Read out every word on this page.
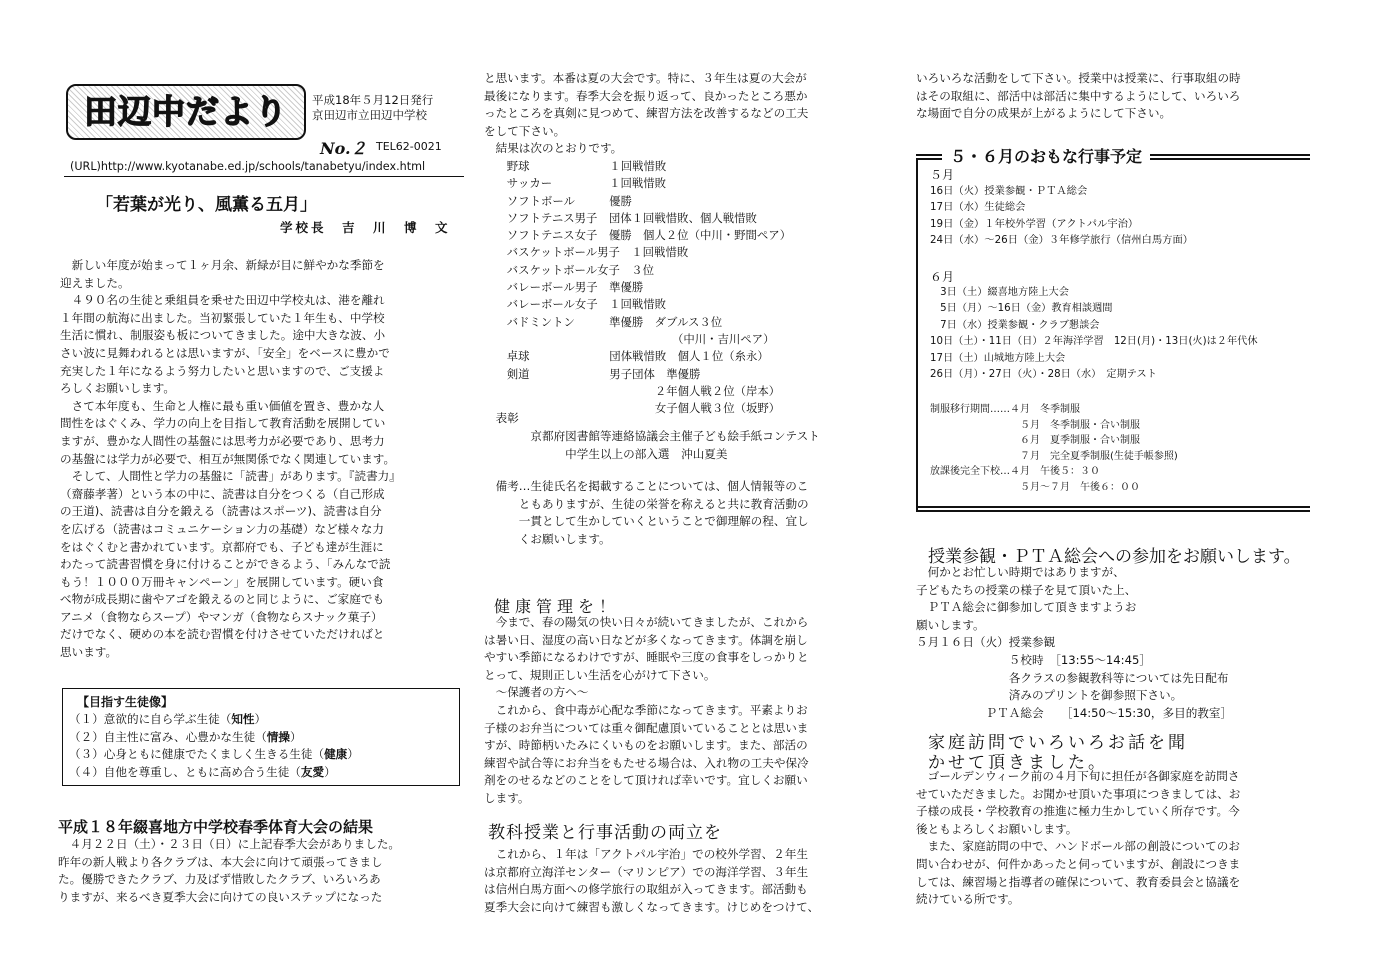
田辺中だより	平成18年５月12日発行
京田辺市立田辺中学校
No.２ TEL62-0021
(URL)http://www.kyotanabe.ed.jp/schools/tanabetyu/index.html
「若葉が光り、風薫る五月」
学校長　吉　川　博　文

　新しい年度が始まって１ヶ月余、新緑が目に鮮やかな季節を
迎えました。
　４９０名の生徒と乗組員を乗せた田辺中学校丸は、港を離れ
１年間の航海に出ました。当初緊張していた１年生も、中学校
生活に慣れ、制服姿も板についてきました。途中大きな波、小
さい波に見舞われるとは思いますが、「安全」をベースに豊かで
充実した１年になるよう努力したいと思いますので、ご支援よ
ろしくお願いします。
　さて本年度も、生命と人権に最も重い価値を置き、豊かな人
間性をはぐくみ、学力の向上を目指して教育活動を展開してい
ますが、豊かな人間性の基盤には思考力が必要であり、思考力
の基盤には学力が必要で、相互が無関係でなく関連しています。
　そして、人間性と学力の基盤に「読書」があります。『読書力』
（齋藤孝著）という本の中に、読書は自分をつくる（自己形成
の王道)、読書は自分を鍛える（読書はスポーツ)、読書は自分
を広げる（読書はコミュニケーション力の基礎）など様々な力
をはぐくむと書かれています。京都府でも、子ども達が生涯に
わたって読書習慣を身に付けることができるよう、「みんなで読
もう！１０００万冊キャンペーン」を展開しています。硬い食
べ物が成長期に歯やアゴを鍛えるのと同じように、ご家庭でも
アニメ（食物ならスープ）やマンガ（食物ならスナック菓子）
だけでなく、硬めの本を読む習慣を付けさせていただければと
思います。

【目指す生徒像】
（１）意欲的に自ら学ぶ生徒（知性）
（２）自主性に富み、心豊かな生徒（情操）
（３）心身ともに健康でたくましく生きる生徒（健康）
（４）自他を尊重し、ともに高め合う生徒（友愛）
平成１８年綴喜地方中学校春季体育大会の結果

　４月２２日（土）・２３日（日）に上記春季大会がありました。
昨年の新人戦より各クラブは、本大会に向けて頑張ってきまし
た。優勝できたクラブ、力及ばず惜敗したクラブ、いろいろあ
りますが、来るべき夏季大会に向けての良いステップになった

と思います。本番は夏の大会です。特に、３年生は夏の大会が
最後になります。春季大会を振り返って、良かったところ悪か
ったところを真剣に見つめて、練習方法を改善するなどの工夫
をして下さい。
　結果は次のとおりです。

　　野球　　　　　　　１回戦惜敗
　　サッカー　　　　　１回戦惜敗
　　ソフトボール　　　優勝
　　ソフトテニス男子　団体１回戦惜敗、個人戦惜敗
　　ソフトテニス女子　優勝　個人２位（中川・野間ペア）
　　バスケットボール男子　１回戦惜敗
　　バスケットボール女子　３位
　　バレーボール男子　準優勝
　　バレーボール女子　１回戦惜敗
　　バドミントン　　　準優勝　ダブルス３位
　　　　　　　　　　　　　　　　　（中川・吉川ペア）
　　卓球　　　　　　　団体戦惜敗　個人１位（糸永）
　　剣道　　　　　　　男子団体　準優勝
　　　　　　　　　　　　　　　２年個人戦２位（岸本）
　　　　　　　　　　　　　　　女子個人戦３位（坂野）

　表彰

　　　　京都府図書館等連絡協議会主催子ども絵手紙コンテスト
　　　　　　　中学生以上の部入選　沖山夏美

　備考…生徒氏名を掲載することについては、個人情報等のこ
　　　ともありますが、生徒の栄誉を称えると共に教育活動の
　　　一貫として生かしていくということで御理解の程、宜し
　　　くお願いします。

健康管理を！

　今まで、春の陽気の快い日々が続いてきましたが、これから
は暑い日、湿度の高い日などが多くなってきます。体調を崩し
やすい季節になるわけですが、睡眠や三度の食事をしっかりと
とって、規則正しい生活を心がけて下さい。
　～保護者の方へ～
　これから、食中毒が心配な季節になってきます。平素よりお
子様のお弁当については重々御配慮頂いていることとは思いま
すが、時節柄いたみにくいものをお願いします。また、部活の
練習や試合等にお弁当をもたせる場合は、入れ物の工夫や保冷
剤をのせるなどのことをして頂ければ幸いです。宜しくお願い
します。

教科授業と行事活動の両立を

　これから、１年は「アクトパル宇治」での校外学習、２年生
は京都府立海洋センター（マリンピア）での海洋学習、３年生
は信州白馬方面への修学旅行の取組が入ってきます。部活動も
夏季大会に向けて練習も激しくなってきます。けじめをつけて、

いろいろな活動をして下さい。授業中は授業に、行事取組の時
はその取組に、部活中は部活に集中するようにして、いろいろ
な場面で自分の成果が上がるようにして下さい。

５・６月のおもな行事予定
５月

16日（火）授業参観・ＰＴＡ総会
17日（水）生徒総会
19日（金）１年校外学習（アクトパル宇治）
24日（水）～26日（金）３年修学旅行（信州白馬方面）

６月

　3日（土）綴喜地方陸上大会
　5日（月）～16日（金）教育相談週間
　7日（水）授業参観・クラブ懇談会
10日（土）・11日（日）２年海洋学習　12日(月)・13日(火)は２年代休
17日（土）山城地方陸上大会
26日（月）・27日（火）・28日（水）　定期テスト

制服移行期間……４月　冬季制服
　　　　　　　　　５月　冬季制服・合い制服
　　　　　　　　　６月　夏季制服・合い制服
　　　　　　　　　７月　完全夏季制服(生徒手帳参照)
放課後完全下校…４月　午後５：３０
　　　　　　　　　５月～７月　午後６：００

授業参観・ＰＴＡ総会への参加をお願いします。

　何かとお忙しい時期ではありますが、
子どもたちの授業の様子を見て頂いた上、
　ＰＴＡ総会に御参加して頂きますようお
願いします。
５月１６日（火）授業参観
　　　　　　　　５校時　［13:55～14:45］
　　　　　　　　各クラスの参観教科等については先日配布
　　　　　　　　済みのプリントを御参照下さい。
　　　　　　ＰＴＡ総会　　［14:50～15:30，多目的教室］

家庭訪問でいろいろお話を聞
かせて頂きました。

　ゴールデンウィーク前の４月下旬に担任が各御家庭を訪問さ
せていただきました。お聞かせ頂いた事項につきましては、お
子様の成長・学校教育の推進に極力生かしていく所存です。今
後ともよろしくお願いします。
　また、家庭訪問の中で、ハンドボール部の創設についてのお
問い合わせが、何件かあったと伺っていますが、創設につきま
しては、練習場と指導者の確保について、教育委員会と協議を
続けている所です。
